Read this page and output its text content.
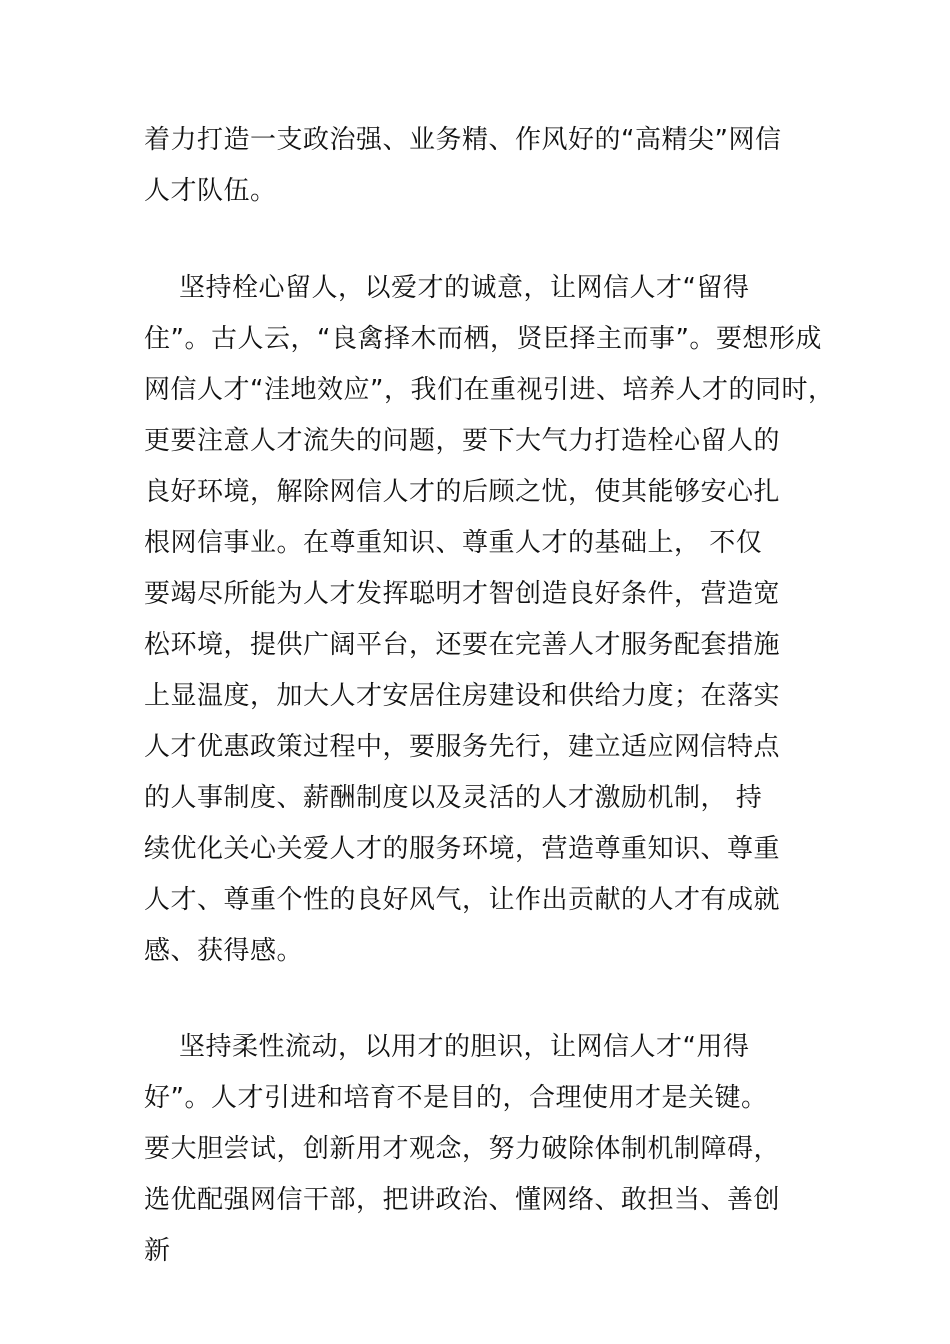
着力打造一支政治强、业务精、作风好的“高精尖”网信
人才队伍。
坚持栓心留人，以爱才的诚意，让网信人才“留得
住”。古人云，“良禽择木而栖，贤臣择主而事”。要想形成
网信人才“洼地效应”，我们在重视引进、培养人才的同时，
更要注意人才流失的问题，要下大气力打造栓心留人的
良好环境，解除网信人才的后顾之忧，使其能够安心扎
根网信事业。在尊重知识、尊重人才的基础上， 不仅
要竭尽所能为人才发挥聪明才智创造良好条件，营造宽
松环境，提供广阔平台，还要在完善人才服务配套措施
上显温度，加大人才安居住房建设和供给力度；在落实
人才优惠政策过程中，要服务先行，建立适应网信特点
的人事制度、薪酬制度以及灵活的人才激励机制， 持
续优化关心关爱人才的服务环境，营造尊重知识、尊重
人才、尊重个性的良好风气，让作出贡献的人才有成就
感、获得感。
坚持柔性流动，以用才的胆识，让网信人才“用得
好”。人才引进和培育不是目的，合理使用才是关键。
要大胆尝试，创新用才观念，努力破除体制机制障碍，
选优配强网信干部，把讲政治、懂网络、敢担当、善创
新
